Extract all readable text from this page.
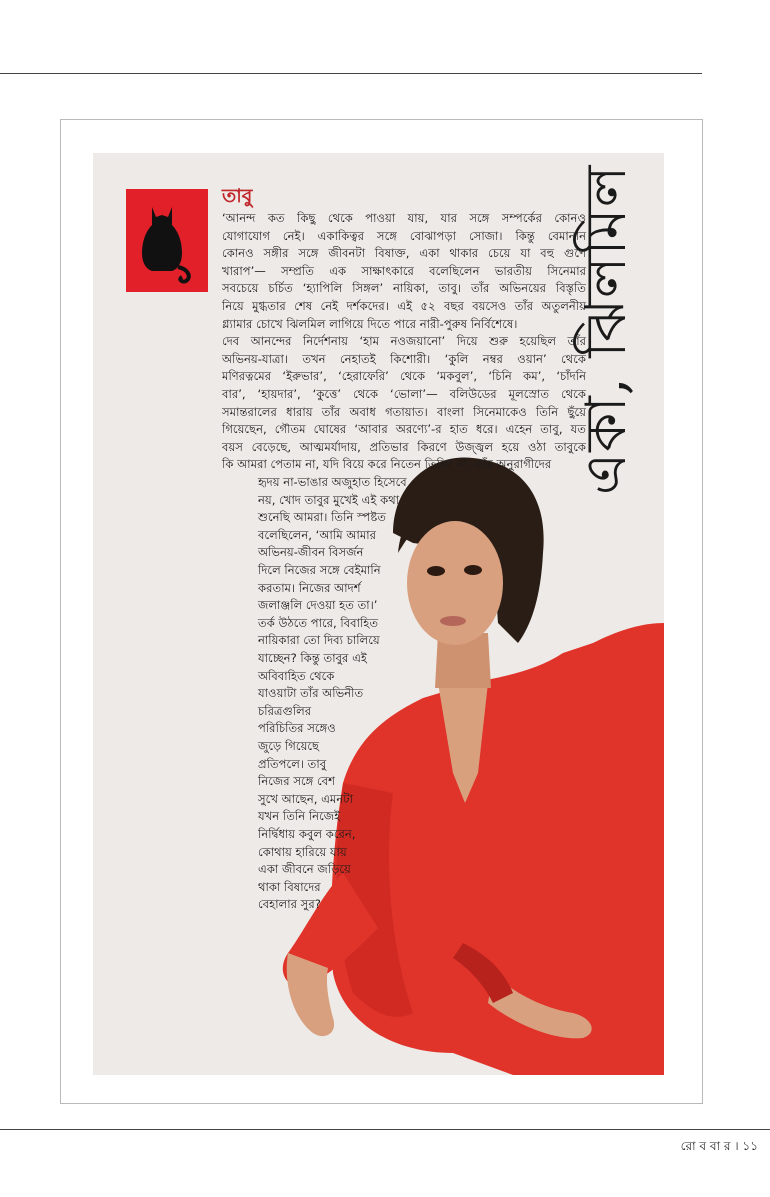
তাবু	একা, ঝিলমিল
‘আনন্দ কত কিছু থেকে পাওয়া যায়, যার সঙ্গে সম্পর্কের কোনও
যোগাযোগ নেই। একাকিত্বর সঙ্গে বোঝাপড়া সোজা। কিন্তু বেমানান
কোনও সঙ্গীর সঙ্গে জীবনটা বিষাক্ত, একা থাকার চেয়ে যা বহু গুণে
খারাপ’— সম্প্রতি এক সাক্ষাৎকারে বলেছিলেন ভারতীয় সিনেমার
সবচেয়ে চর্চিত ‘হ্যাপিলি সিঙ্গল’ নায়িকা, তাবু। তাঁর অভিনয়ের বিস্তৃতি
নিয়ে মুগ্ধতার শেষ নেই দর্শকদের। এই ৫২ বছর বয়সেও তাঁর অতুলনীয়
গ্ল্যামার চোখে ঝিলমিল লাগিয়ে দিতে পারে নারী-পুরুষ নির্বিশেষে।
দেব আনন্দের নির্দেশনায় ‘হাম নওজয়ানো’ দিয়ে শুরু হয়েছিল তাঁর
অভিনয়-যাত্রা। তখন নেহাতই কিশোরী। ‘কুলি নম্বর ওয়ান’ থেকে
মণিরত্নমের ‘ইরুভার’, ‘হেরাফেরি’ থেকে ‘মকবুল’, ‘চিনি কম’, ‘চাঁদনি
বার’, ‘হায়দার’, ‘কুত্তে’ থেকে ‘ভোলা’— বলিউডের মূলস্রোত থেকে
সমান্তরালের ধারায় তাঁর অবাধ গতায়াত। বাংলা সিনেমাকেও তিনি ছুঁয়ে
গিয়েছেন, গৌতম ঘোষের ‘আবার অরণ্যে’-র হাত ধরে। এহেন তাবু, যত
বয়স বেড়েছে, আত্মমর্যাদায়, প্রতিভার কিরণে উজ্জ্বল হয়ে ওঠা তাবুকে
কি আমরা পেতাম না, যদি বিয়ে করে নিতেন তিনি? না, তাঁর অনুরাগীদের
হৃদয় না-ভাঙার অজুহাত হিসেবে
নয়, খোদ তাবুর মুখেই এই কথা
শুনেছি আমরা। তিনি স্পষ্টত
বলেছিলেন, ‘আমি আমার
অভিনয়-জীবন বিসর্জন
দিলে নিজের সঙ্গে বেইমানি
করতাম। নিজের আদর্শ
জলাঞ্জলি দেওয়া হত তা।’
তর্ক উঠতে পারে, বিবাহিত
নায়িকারা তো দিব্য চালিয়ে
যাচ্ছেন? কিন্তু তাবুর এই
অবিবাহিত থেকে
যাওয়াটা তাঁর অভিনীত
চরিত্রগুলির
পরিচিতির সঙ্গেও
জুড়ে গিয়েছে
প্রতিপলে। তাবু
নিজের সঙ্গে বেশ
সুখে আছেন, এমনটা
যখন তিনি নিজেই
নির্দ্বিধায় কবুল করেন,
কোথায় হারিয়ে যায়
একা জীবনে জড়িয়ে
থাকা বিষাদের
বেহালার সুর?
রো ব বা র । ১১
